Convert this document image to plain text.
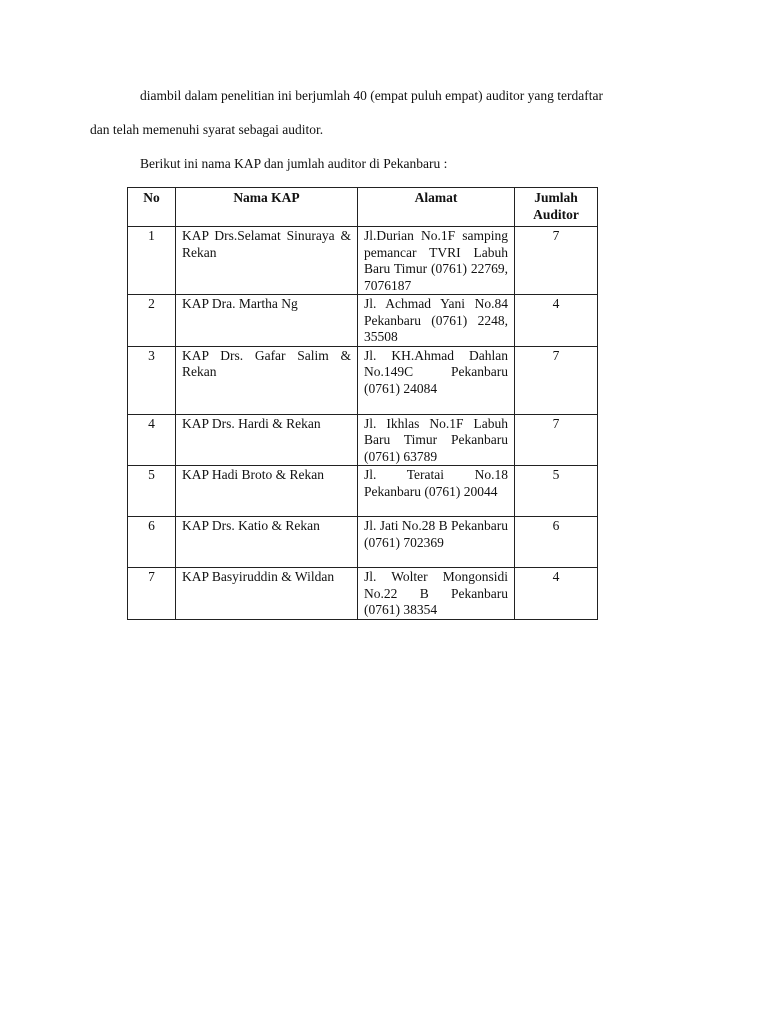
diambil dalam penelitian ini berjumlah 40 (empat puluh empat) auditor yang terdaftar
dan telah memenuhi syarat sebagai auditor.
Berikut ini nama KAP dan jumlah auditor di Pekanbaru :
No	Nama KAP	Alamat	Jumlah Auditor
1	KAP Drs.Selamat Sinuraya & Rekan	Jl.Durian No.1F samping pemancar TVRI Labuh Baru Timur (0761) 22769, 7076187	7
2	KAP Dra. Martha Ng	Jl. Achmad Yani No.84 Pekanbaru (0761) 2248, 35508	4
3	KAP Drs. Gafar Salim & Rekan	Jl. KH.Ahmad Dahlan No.149C Pekanbaru (0761) 24084	7
4	KAP Drs. Hardi & Rekan	Jl. Ikhlas No.1F Labuh Baru Timur Pekanbaru (0761) 63789	7
5	KAP Hadi Broto & Rekan	Jl. Teratai No.18 Pekanbaru (0761) 20044	5
6	KAP Drs. Katio & Rekan	Jl. Jati No.28 B Pekanbaru (0761) 702369	6
7	KAP Basyiruddin & Wildan	Jl. Wolter Mongonsidi No.22 B Pekanbaru (0761) 38354	4
